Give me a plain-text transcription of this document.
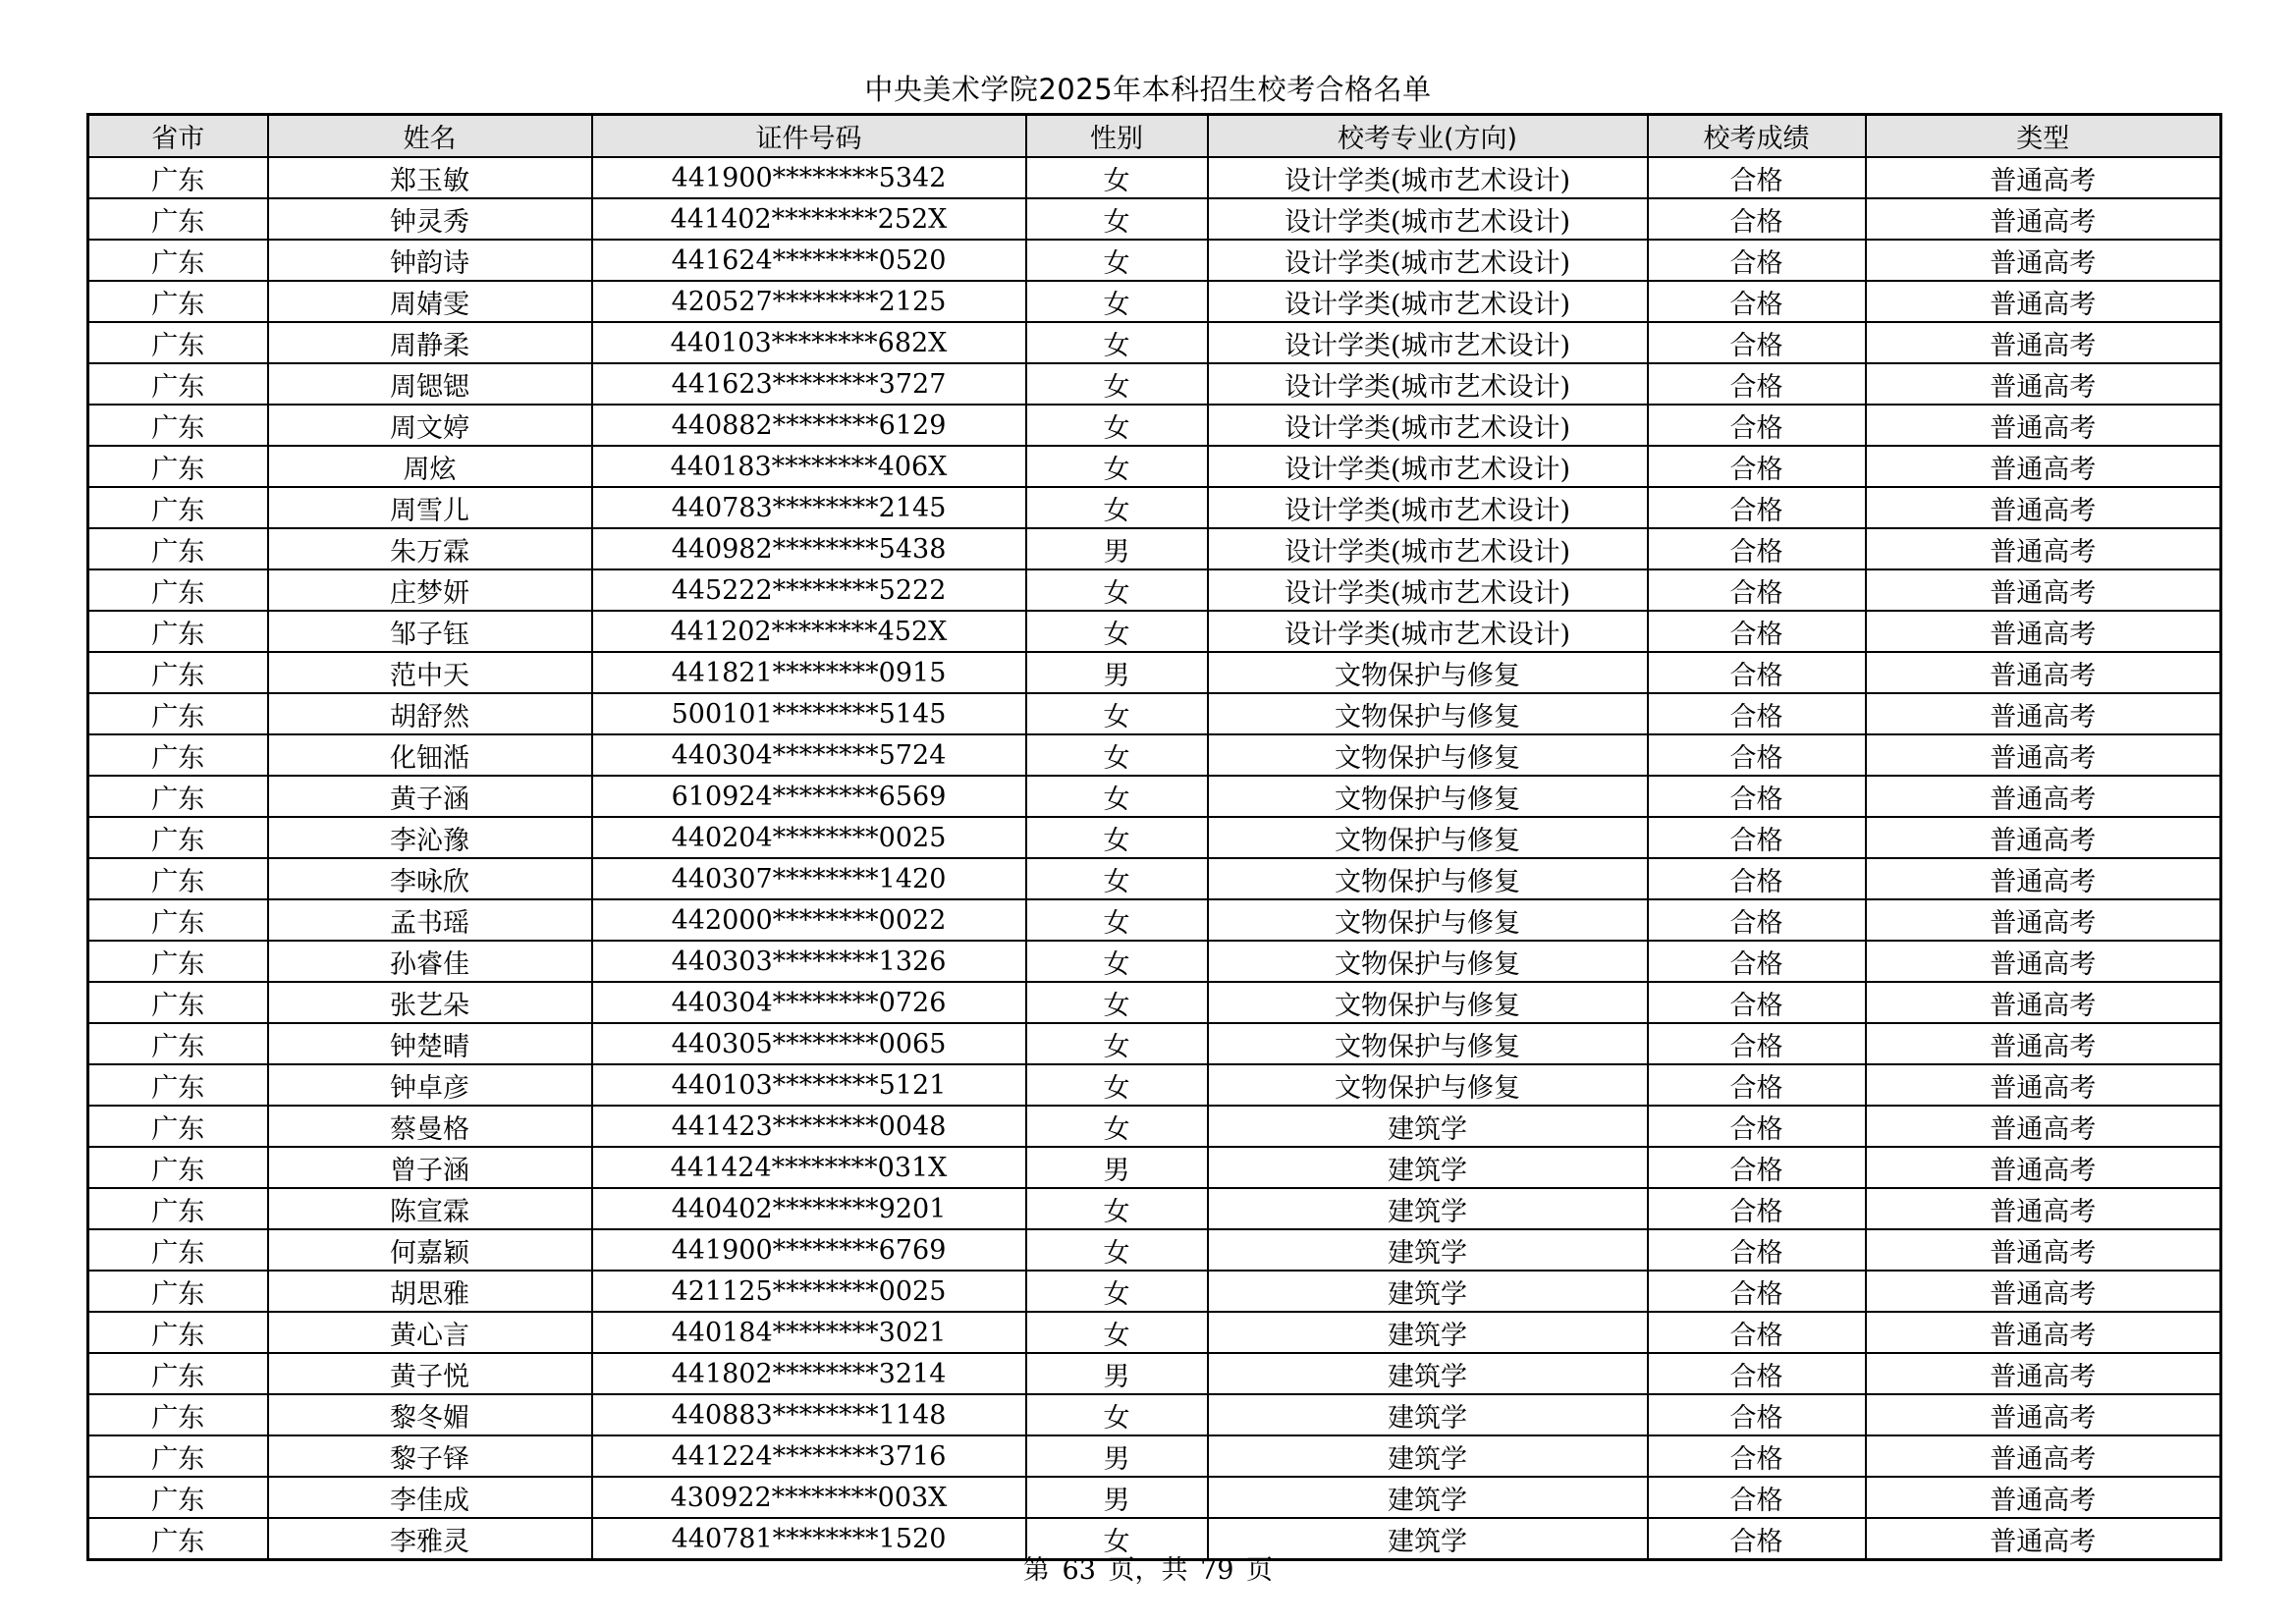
中央美术学院2025年本科招生校考合格名单
省市	姓名	证件号码	性别	校考专业(方向)	校考成绩	类型
广东	郑玉敏	441900********5342	女	设计学类(城市艺术设计)	合格	普通高考
广东	钟灵秀	441402********252X	女	设计学类(城市艺术设计)	合格	普通高考
广东	钟韵诗	441624********0520	女	设计学类(城市艺术设计)	合格	普通高考
广东	周婧雯	420527********2125	女	设计学类(城市艺术设计)	合格	普通高考
广东	周静柔	440103********682X	女	设计学类(城市艺术设计)	合格	普通高考
广东	周锶锶	441623********3727	女	设计学类(城市艺术设计)	合格	普通高考
广东	周文婷	440882********6129	女	设计学类(城市艺术设计)	合格	普通高考
广东	周炫	440183********406X	女	设计学类(城市艺术设计)	合格	普通高考
广东	周雪儿	440783********2145	女	设计学类(城市艺术设计)	合格	普通高考
广东	朱万霖	440982********5438	男	设计学类(城市艺术设计)	合格	普通高考
广东	庄梦妍	445222********5222	女	设计学类(城市艺术设计)	合格	普通高考
广东	邹子钰	441202********452X	女	设计学类(城市艺术设计)	合格	普通高考
广东	范中天	441821********0915	男	文物保护与修复	合格	普通高考
广东	胡舒然	500101********5145	女	文物保护与修复	合格	普通高考
广东	化钿湉	440304********5724	女	文物保护与修复	合格	普通高考
广东	黄子涵	610924********6569	女	文物保护与修复	合格	普通高考
广东	李沁豫	440204********0025	女	文物保护与修复	合格	普通高考
广东	李咏欣	440307********1420	女	文物保护与修复	合格	普通高考
广东	孟书瑶	442000********0022	女	文物保护与修复	合格	普通高考
广东	孙睿佳	440303********1326	女	文物保护与修复	合格	普通高考
广东	张艺朵	440304********0726	女	文物保护与修复	合格	普通高考
广东	钟楚晴	440305********0065	女	文物保护与修复	合格	普通高考
广东	钟卓彦	440103********5121	女	文物保护与修复	合格	普通高考
广东	蔡曼格	441423********0048	女	建筑学	合格	普通高考
广东	曾子涵	441424********031X	男	建筑学	合格	普通高考
广东	陈宣霖	440402********9201	女	建筑学	合格	普通高考
广东	何嘉颖	441900********6769	女	建筑学	合格	普通高考
广东	胡思雅	421125********0025	女	建筑学	合格	普通高考
广东	黄心言	440184********3021	女	建筑学	合格	普通高考
广东	黄子悦	441802********3214	男	建筑学	合格	普通高考
广东	黎冬媚	440883********1148	女	建筑学	合格	普通高考
广东	黎子铎	441224********3716	男	建筑学	合格	普通高考
广东	李佳成	430922********003X	男	建筑学	合格	普通高考
广东	李雅灵	440781********1520	女	建筑学	合格	普通高考
第 63 页，共 79 页
